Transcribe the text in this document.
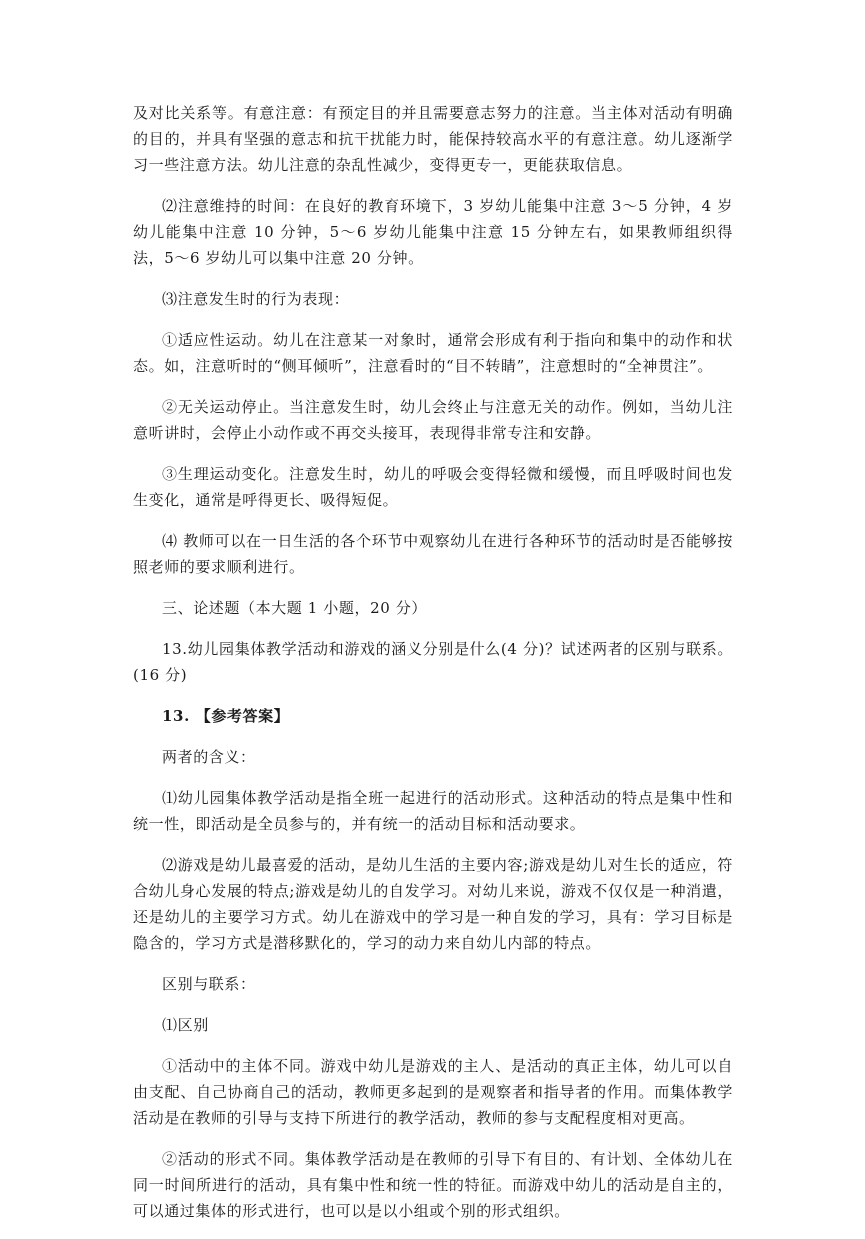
及对比关系等。有意注意：有预定目的并且需要意志努力的注意。当主体对活动有明确的目的，并具有坚强的意志和抗干扰能力时，能保持较高水平的有意注意。幼儿逐渐学习一些注意方法。幼儿注意的杂乱性减少，变得更专一，更能获取信息。

⑵注意维持的时间：在良好的教育环境下，3 岁幼儿能集中注意 3～5 分钟，4 岁幼儿能集中注意 10 分钟，5～6 岁幼儿能集中注意 15 分钟左右，如果教师组织得法，5～6 岁幼儿可以集中注意 20 分钟。

⑶注意发生时的行为表现：

①适应性运动。幼儿在注意某一对象时，通常会形成有利于指向和集中的动作和状态。如，注意听时的“侧耳倾听”，注意看时的“目不转睛”，注意想时的“全神贯注”。

②无关运动停止。当注意发生时，幼儿会终止与注意无关的动作。例如，当幼儿注意听讲时，会停止小动作或不再交头接耳，表现得非常专注和安静。

③生理运动变化。注意发生时，幼儿的呼吸会变得轻微和缓慢，而且呼吸时间也发生变化，通常是呼得更长、吸得短促。

⑷ 教师可以在一日生活的各个环节中观察幼儿在进行各种环节的活动时是否能够按照老师的要求顺利进行。

三、论述题（本大题 1 小题，20 分）

13.幼儿园集体教学活动和游戏的涵义分别是什么(4 分)？试述两者的区别与联系。(16 分)

13. 【参考答案】

两者的含义：

⑴幼儿园集体教学活动是指全班一起进行的活动形式。这种活动的特点是集中性和统一性，即活动是全员参与的，并有统一的活动目标和活动要求。

⑵游戏是幼儿最喜爱的活动，是幼儿生活的主要内容;游戏是幼儿对生长的适应，符合幼儿身心发展的特点;游戏是幼儿的自发学习。对幼儿来说，游戏不仅仅是一种消遣，还是幼儿的主要学习方式。幼儿在游戏中的学习是一种自发的学习，具有：学习目标是隐含的，学习方式是潜移默化的，学习的动力来自幼儿内部的特点。

区别与联系：

⑴区别

①活动中的主体不同。游戏中幼儿是游戏的主人、是活动的真正主体，幼儿可以自由支配、自己协商自己的活动，教师更多起到的是观察者和指导者的作用。而集体教学活动是在教师的引导与支持下所进行的教学活动，教师的参与支配程度相对更高。

②活动的形式不同。集体教学活动是在教师的引导下有目的、有计划、全体幼儿在同一时间所进行的活动，具有集中性和统一性的特征。而游戏中幼儿的活动是自主的，可以通过集体的形式进行，也可以是以小组或个别的形式组织。
